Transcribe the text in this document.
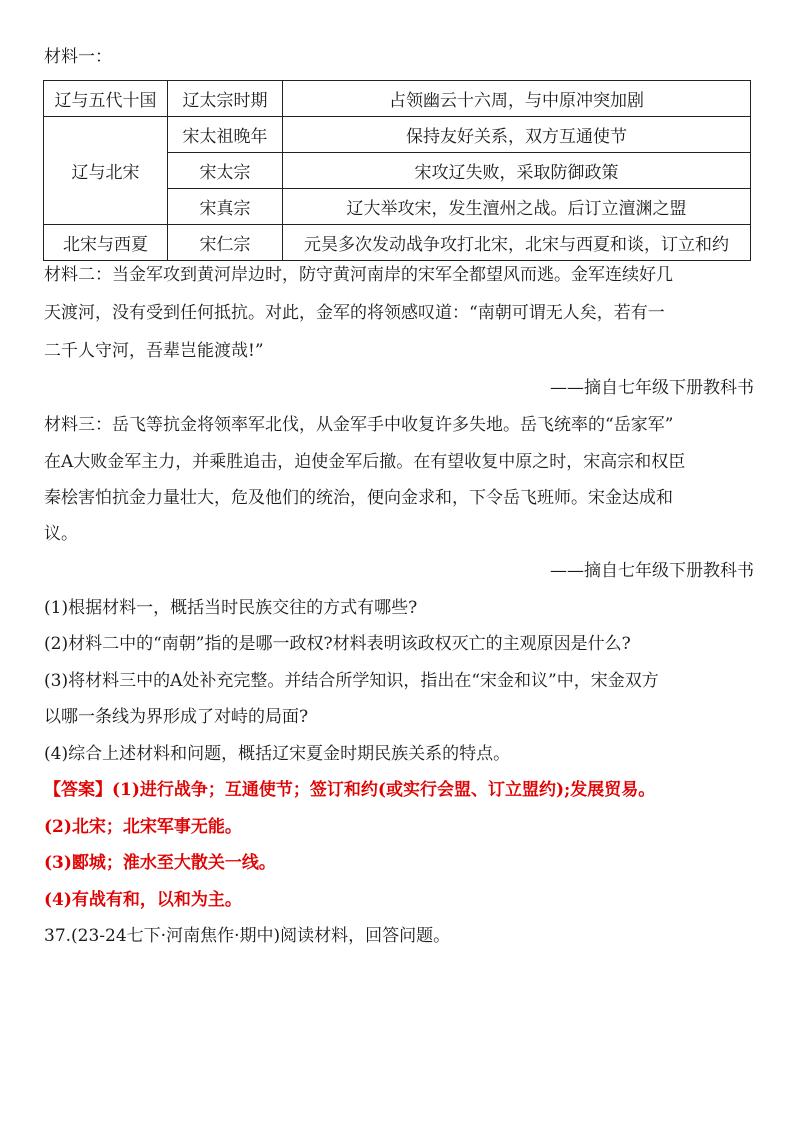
材料一：
辽与五代十国	辽太宗时期	占领幽云十六周，与中原冲突加剧
辽与北宋	宋太祖晚年	保持友好关系，双方互通使节
	宋太宗	宋攻辽失败，采取防御政策
	宋真宗	辽大举攻宋，发生澶州之战。后订立澶渊之盟
北宋与西夏	宋仁宗	元昊多次发动战争攻打北宋，北宋与西夏和谈，订立和约
材料二：当金军攻到黄河岸边时，防守黄河南岸的宋军全都望风而逃。金军连续好几
天渡河，没有受到任何抵抗。对此，金军的将领感叹道：“南朝可谓无人矣，若有一
二千人守河，吾辈岂能渡哉!”
——摘自七年级下册教科书
材料三：岳飞等抗金将领率军北伐，从金军手中收复许多失地。岳飞统率的“岳家军”
在A大败金军主力，并乘胜追击，迫使金军后撤。在有望收复中原之时，宋高宗和权臣
秦桧害怕抗金力量壮大，危及他们的统治，便向金求和，下令岳飞班师。宋金达成和
议。
——摘自七年级下册教科书
(1)根据材料一，概括当时民族交往的方式有哪些?
(2)材料二中的“南朝”指的是哪一政权?材料表明该政权灭亡的主观原因是什么?
(3)将材料三中的A处补充完整。并结合所学知识，指出在“宋金和议”中，宋金双方
以哪一条线为界形成了对峙的局面?
(4)综合上述材料和问题，概括辽宋夏金时期民族关系的特点。
【答案】(1)进行战争；互通使节；签订和约(或实行会盟、订立盟约);发展贸易。
(2)北宋；北宋军事无能。
(3)郾城；淮水至大散关一线。
(4)有战有和，以和为主。
37.(23-24七下·河南焦作·期中)阅读材料，回答问题。
